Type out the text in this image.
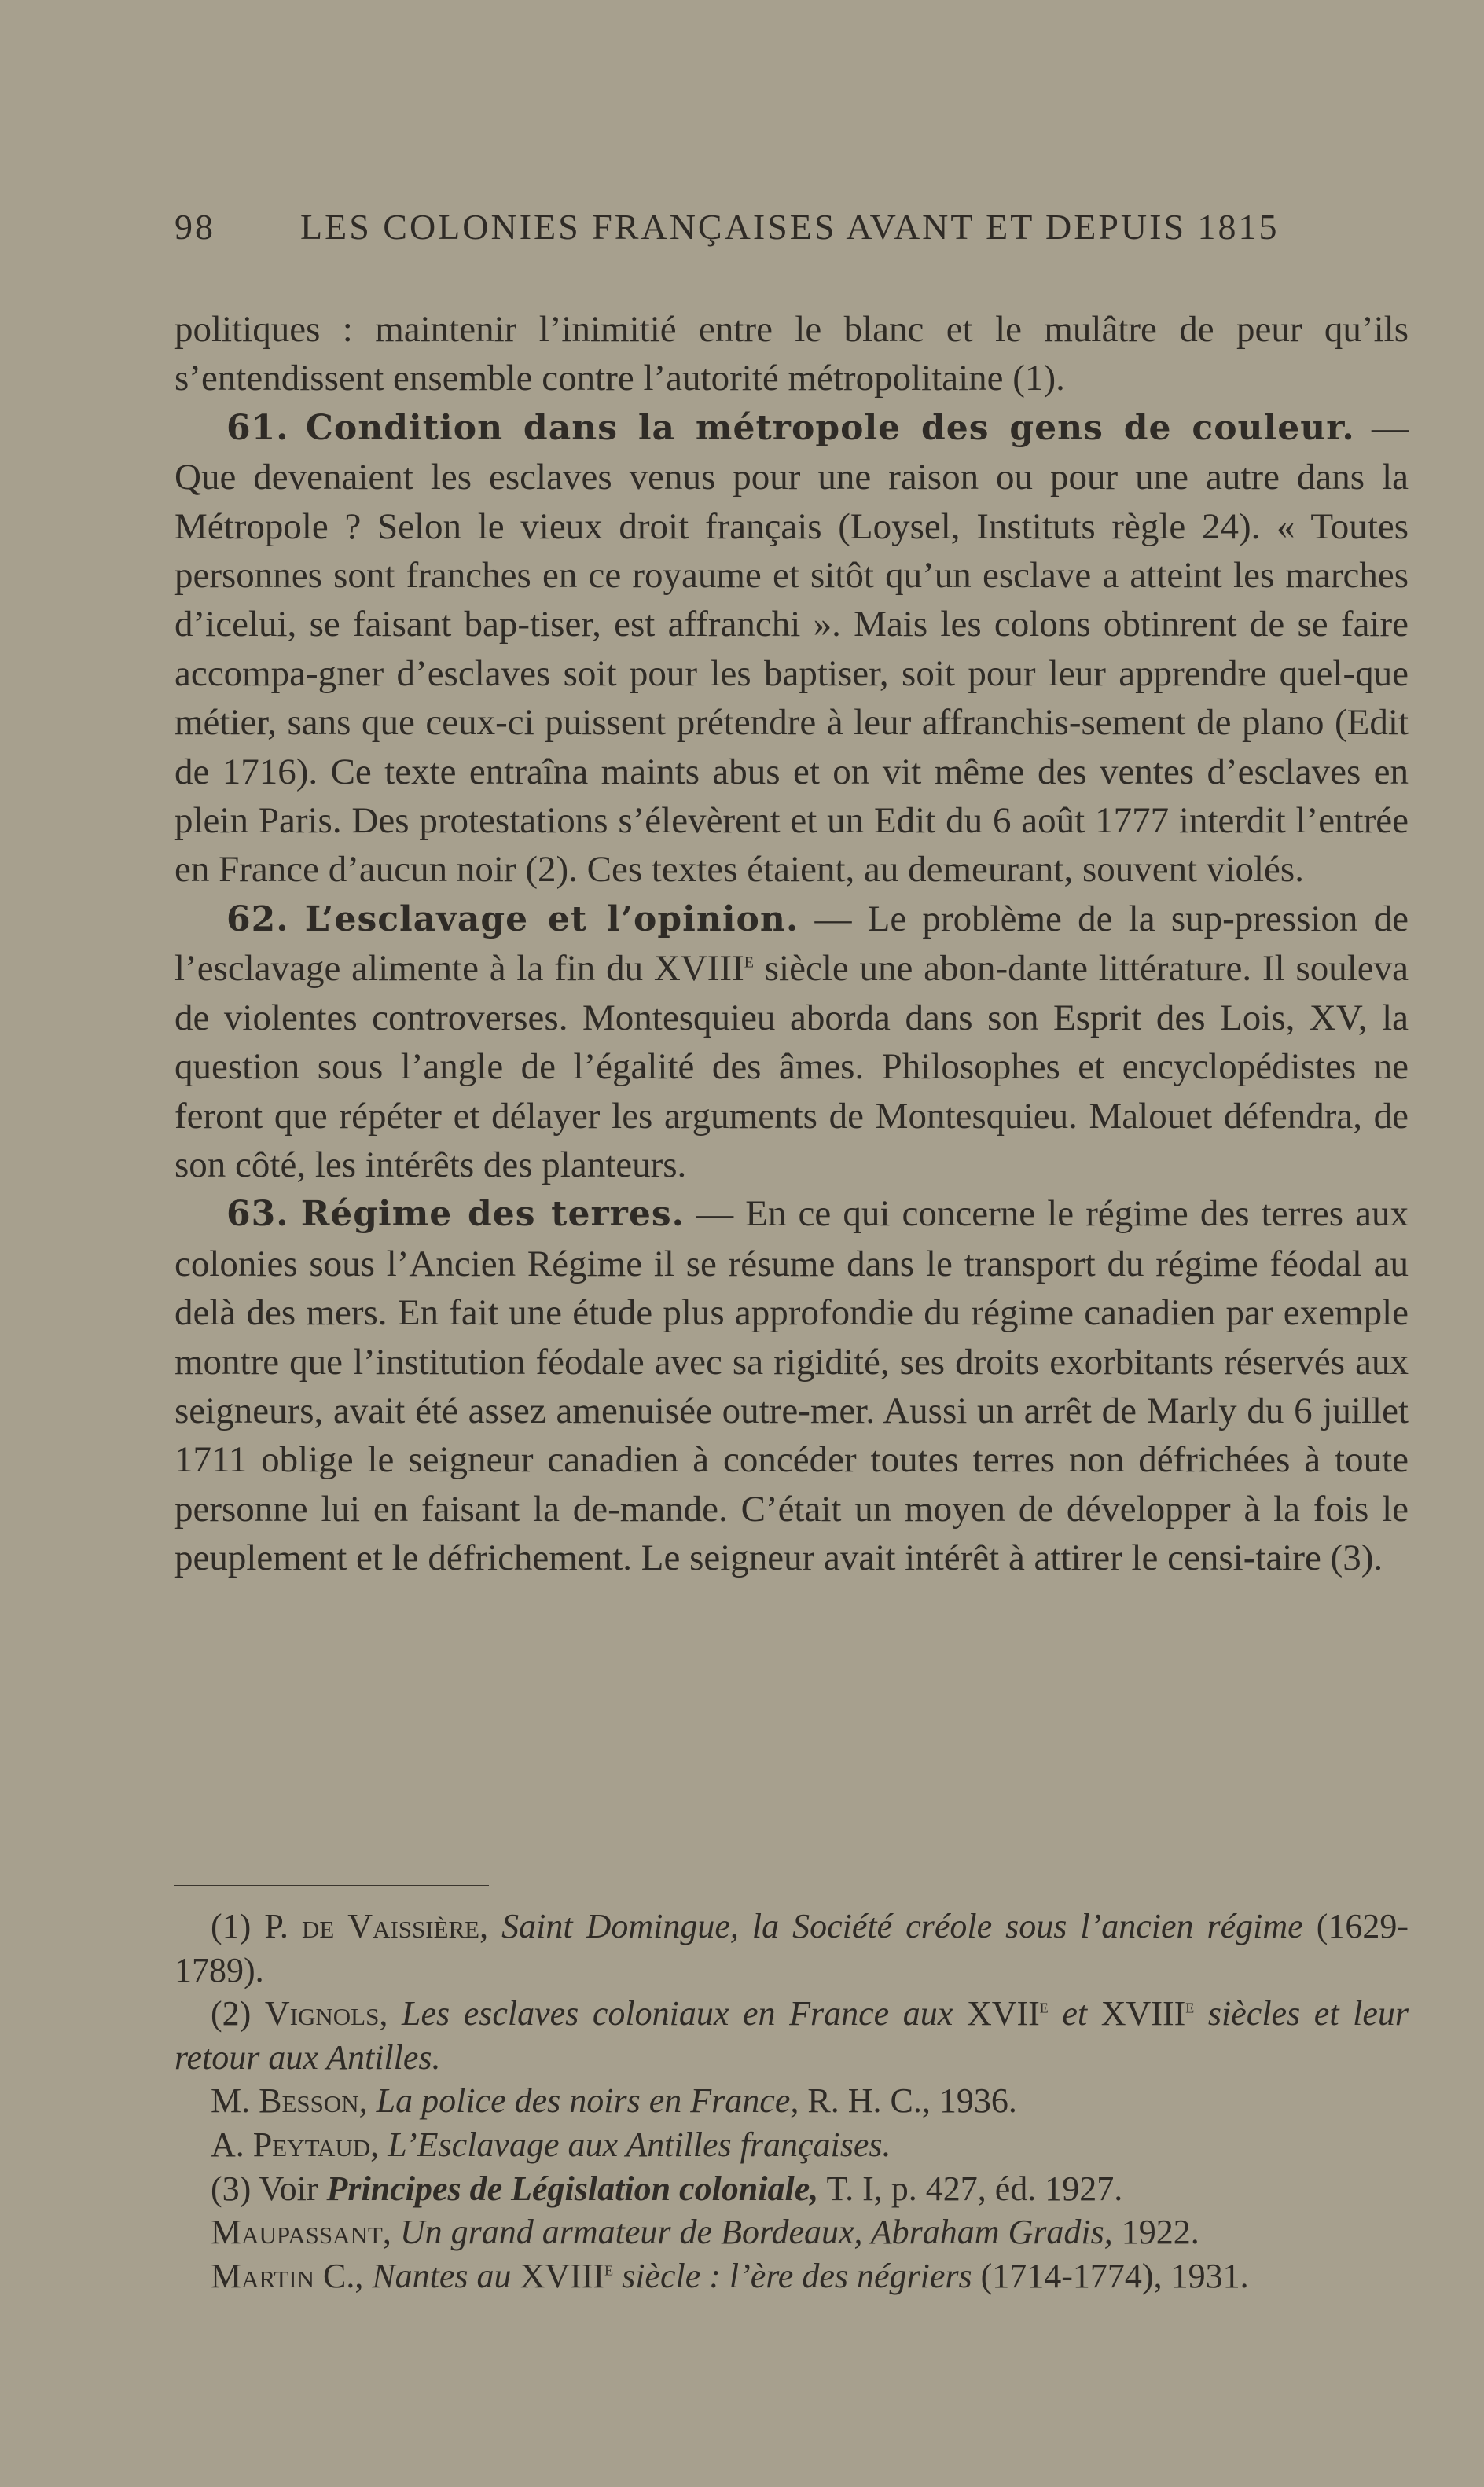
98 LES COLONIES FRANÇAISES AVANT ET DEPUIS 1815

politiques : maintenir l’inimitié entre le blanc et le mulâtre de peur qu’ils s’entendissent ensemble contre l’autorité métropolitaine (1).

61. Condition dans la métropole des gens de couleur. — Que devenaient les esclaves venus pour une raison ou pour une autre dans la Métropole ? Selon le vieux droit français (Loysel, Instituts règle 24). « Toutes personnes sont franches en ce royaume et sitôt qu’un esclave a atteint les marches d’icelui, se faisant bap-tiser, est affranchi ». Mais les colons obtinrent de se faire accompa-gner d’esclaves soit pour les baptiser, soit pour leur apprendre quel-que métier, sans que ceux-ci puissent prétendre à leur affranchis-sement de plano (Edit de 1716). Ce texte entraîna maints abus et on vit même des ventes d’esclaves en plein Paris. Des protestations s’élevèrent et un Edit du 6 août 1777 interdit l’entrée en France d’aucun noir (2). Ces textes étaient, au demeurant, souvent violés.

62. L’esclavage et l’opinion. — Le problème de la sup-pression de l’esclavage alimente à la fin du XVIIIe siècle une abon-dante littérature. Il souleva de violentes controverses. Montesquieu aborda dans son Esprit des Lois, XV, la question sous l’angle de l’égalité des âmes. Philosophes et encyclopédistes ne feront que répéter et délayer les arguments de Montesquieu. Malouet défendra, de son côté, les intérêts des planteurs.

63. Régime des terres. — En ce qui concerne le régime des terres aux colonies sous l’Ancien Régime il se résume dans le transport du régime féodal au delà des mers. En fait une étude plus approfondie du régime canadien par exemple montre que l’institution féodale avec sa rigidité, ses droits exorbitants réservés aux seigneurs, avait été assez amenuisée outre-mer. Aussi un arrêt de Marly du 6 juillet 1711 oblige le seigneur canadien à concéder toutes terres non défrichées à toute personne lui en faisant la de-mande. C’était un moyen de développer à la fois le peuplement et le défrichement. Le seigneur avait intérêt à attirer le censi-taire (3).

(1) P. de Vaissière, Saint Domingue, la Société créole sous l’ancien régime (1629-1789).

(2) Vignols, Les esclaves coloniaux en France aux XVIIe et XVIIIe siècles et leur retour aux Antilles.

M. Besson, La police des noirs en France, R. H. C., 1936.

A. Peytaud, L’Esclavage aux Antilles françaises.

(3) Voir Principes de Législation coloniale, T. I, p. 427, éd. 1927.

Maupassant, Un grand armateur de Bordeaux, Abraham Gradis, 1922.

Martin C., Nantes au XVIIIe siècle : l’ère des négriers (1714-1774), 1931.
